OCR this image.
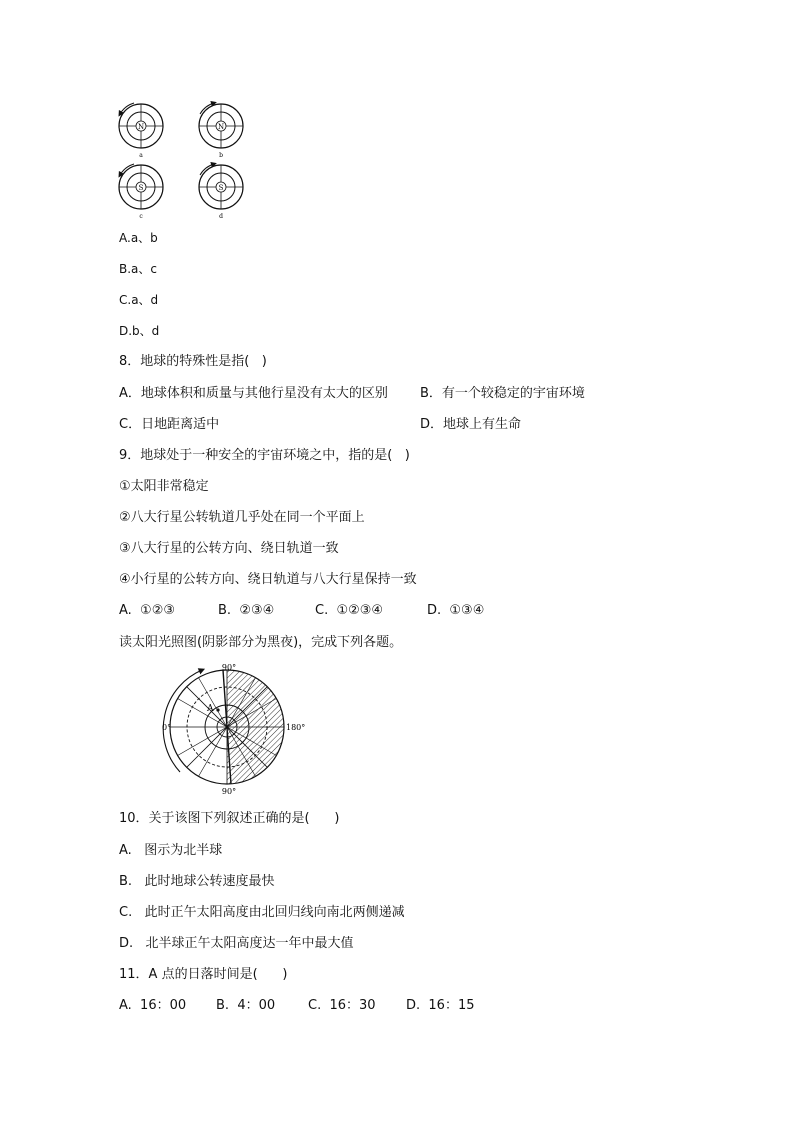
N
a
N
b
S
c
S
d
A.a、b
B.a、c
C.a、d
D.b、d
8．地球的特殊性是指(   )
A．地球体积和质量与其他行星没有太大的区别 B．有一个较稳定的宇宙环境
C．日地距离适中	D．地球上有生命
9．地球处于一种安全的宇宙环境之中，指的是(   )
①太阳非常稳定
②八大行星公转轨道几乎处在同一个平面上
③八大行星的公转方向、绕日轨道一致
④小行星的公转方向、绕日轨道与八大行星保持一致
A.  ①②③	B.  ②③④	C.  ①②③④	D.  ①③④
读太阳光照图(阴影部分为黑夜)，完成下列各题。
A
90°
90°
0°	180°
10．关于该图下列叙述正确的是(      )
A.   图示为北半球
B.   此时地球公转速度最快
C.   此时正午太阳高度由北回归线向南北两侧递减
D.   北半球正午太阳高度达一年中最大值
11．A 点的日落时间是(      )
A.  16：00 B.  4：00	C.  16：30 D.  16：15
